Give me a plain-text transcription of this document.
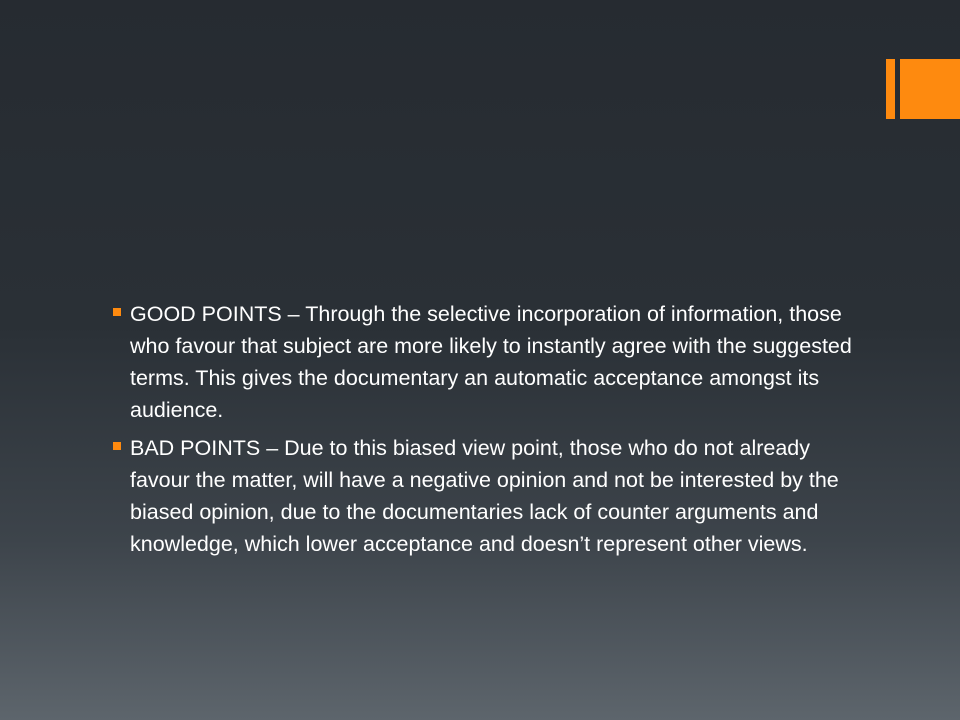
GOOD POINTS – Through the selective incorporation of information, those who favour that subject are more likely to instantly agree with the suggested terms. This gives the documentary an automatic acceptance amongst its audience.
BAD POINTS – Due to this biased view point, those who do not already favour the matter, will have a negative opinion and not be interested by the biased opinion, due to the documentaries lack of counter arguments and knowledge, which lower acceptance and doesn’t represent other views.
